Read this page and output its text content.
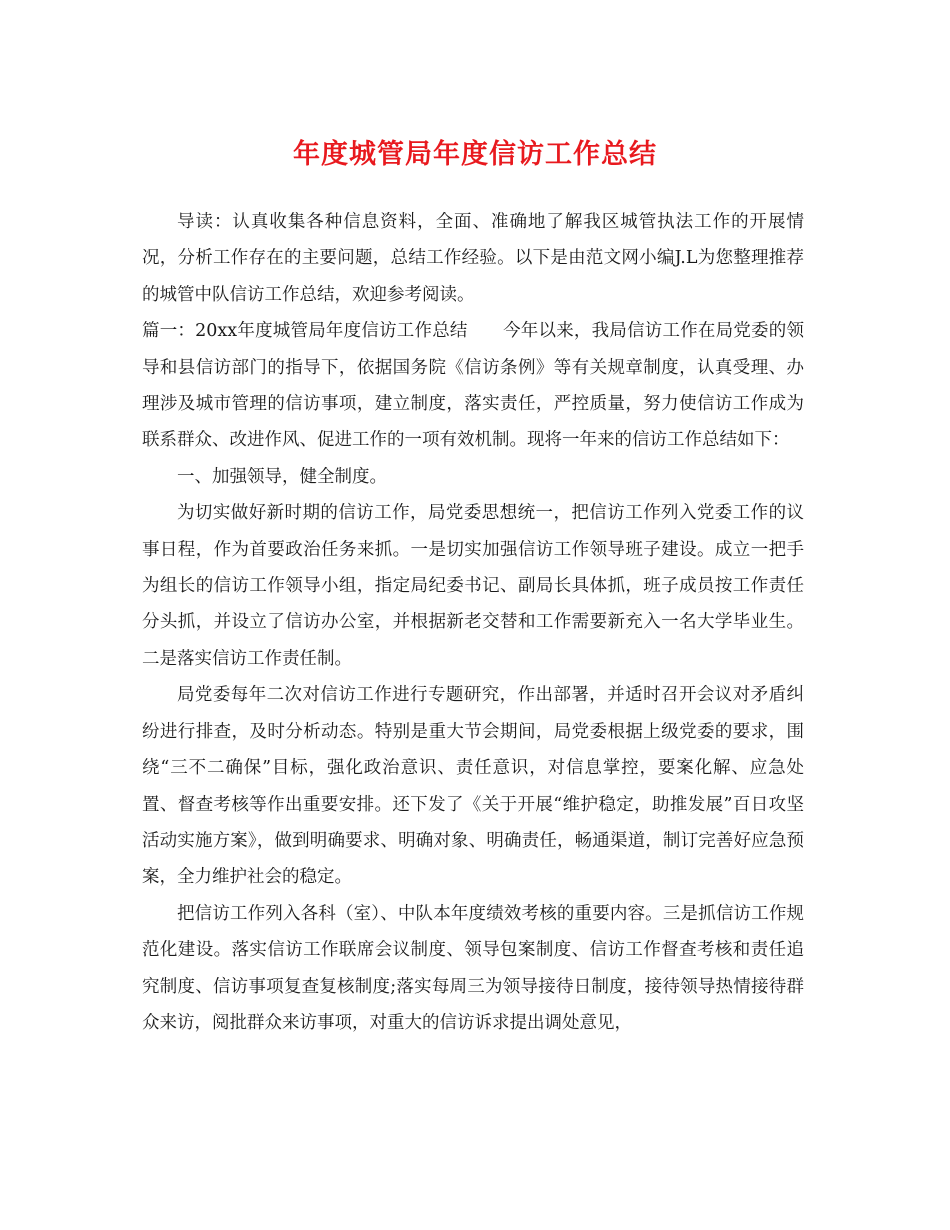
年度城管局年度信访工作总结

导读：认真收集各种信息资料，全面、准确地了解我区城管执法工作的开展情况，分析工作存在的主要问题，总结工作经验。以下是由范文网小编J.L为您整理推荐的城管中队信访工作总结，欢迎参考阅读。

篇一：20xx年度城管局年度信访工作总结　　今年以来，我局信访工作在局党委的领导和县信访部门的指导下，依据国务院《信访条例》等有关规章制度，认真受理、办理涉及城市管理的信访事项，建立制度，落实责任，严控质量，努力使信访工作成为联系群众、改进作风、促进工作的一项有效机制。现将一年来的信访工作总结如下：

一、加强领导，健全制度。

为切实做好新时期的信访工作，局党委思想统一，把信访工作列入党委工作的议事日程，作为首要政治任务来抓。一是切实加强信访工作领导班子建设。成立一把手为组长的信访工作领导小组，指定局纪委书记、副局长具体抓，班子成员按工作责任分头抓，并设立了信访办公室，并根据新老交替和工作需要新充入一名大学毕业生。二是落实信访工作责任制。

局党委每年二次对信访工作进行专题研究，作出部署，并适时召开会议对矛盾纠纷进行排查，及时分析动态。特别是重大节会期间，局党委根据上级党委的要求，围绕“三不二确保”目标，强化政治意识、责任意识，对信息掌控，要案化解、应急处置、督查考核等作出重要安排。还下发了《关于开展“维护稳定，助推发展”百日攻坚活动实施方案》，做到明确要求、明确对象、明确责任，畅通渠道，制订完善好应急预案，全力维护社会的稳定。

把信访工作列入各科（室）、中队本年度绩效考核的重要内容。三是抓信访工作规范化建设。落实信访工作联席会议制度、领导包案制度、信访工作督查考核和责任追究制度、信访事项复查复核制度;落实每周三为领导接待日制度，接待领导热情接待群众来访，阅批群众来访事项，对重大的信访诉求提出调处意见，
